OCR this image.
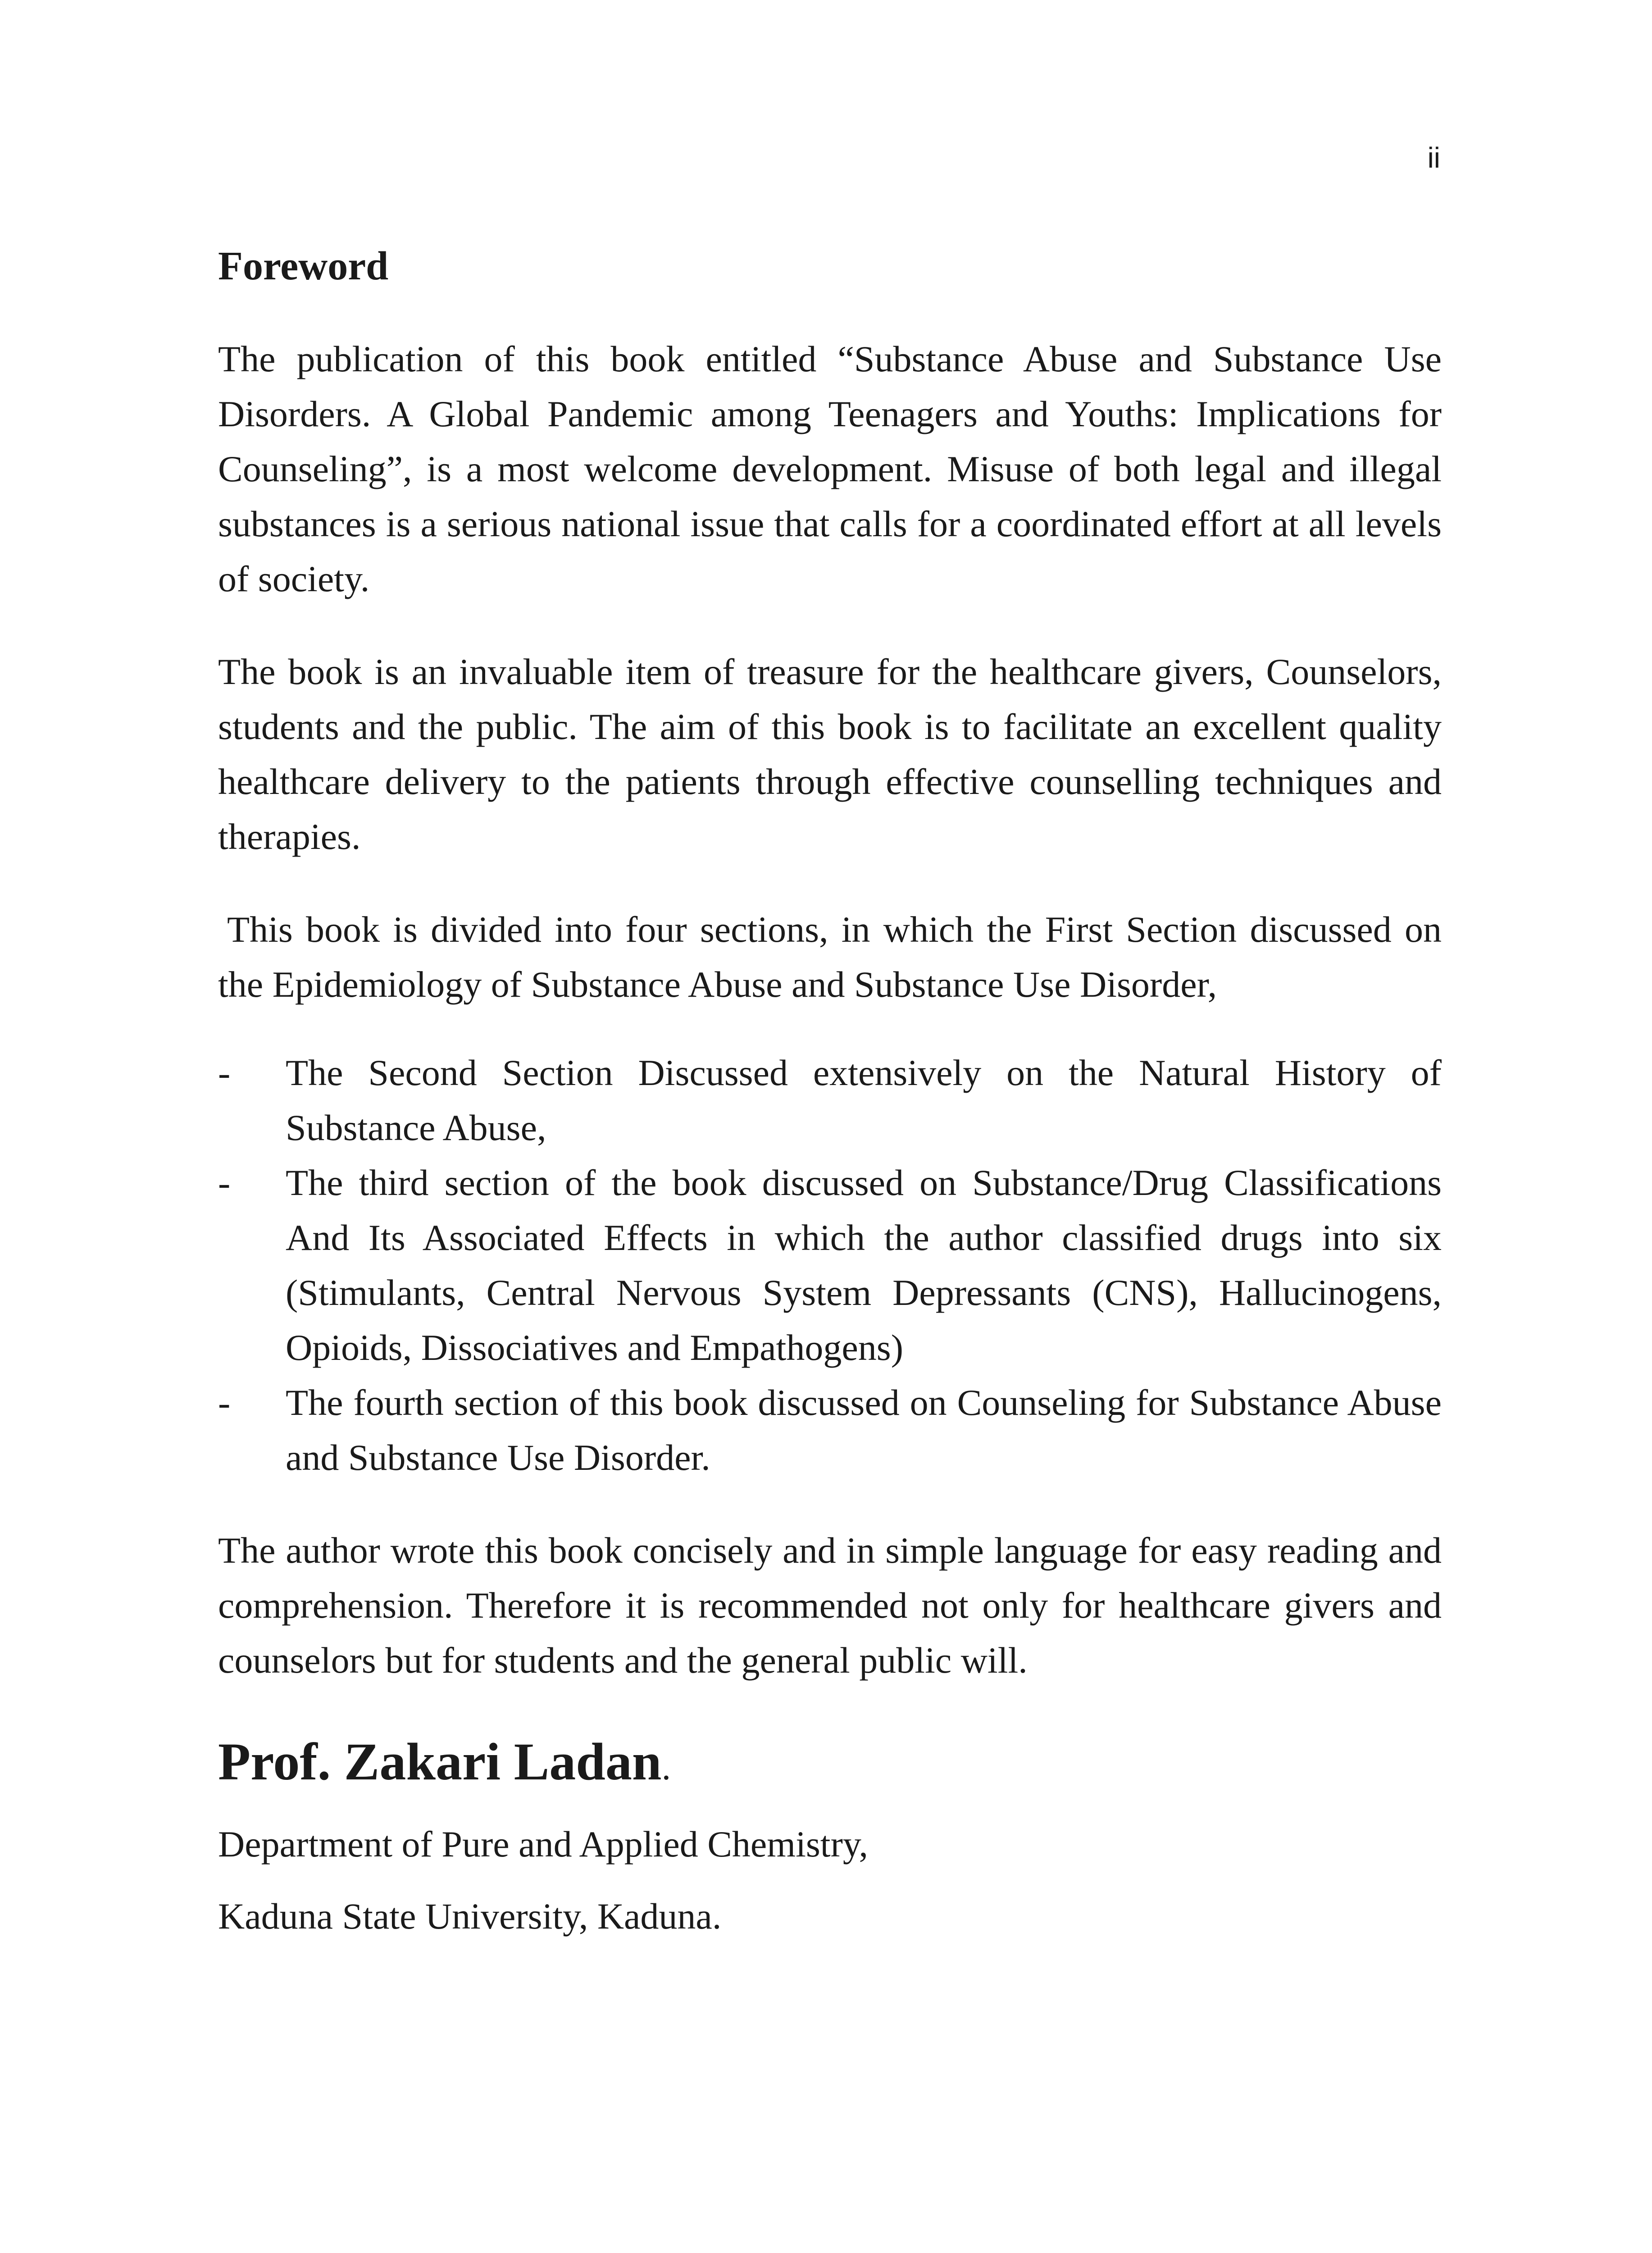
ii
Foreword

The publication of this book entitled “Substance Abuse and Substance Use Disorders. A Global Pandemic among Teenagers and Youths: Implications for Counseling”, is a most welcome development. Misuse of both legal and illegal substances is a serious national issue that calls for a coordinated effort at all levels of society.

The book is an invaluable item of treasure for the healthcare givers, Counselors, students and the public. The aim of this book is to facilitate an excellent quality healthcare delivery to the patients through effective counselling techniques and therapies.

This book is divided into four sections, in which the First Section discussed on the Epidemiology of Substance Abuse and Substance Use Disorder,

-	The Second Section Discussed extensively on the Natural History of Substance Abuse,
-	The third section of the book discussed on Substance/Drug Classifications And Its Associated Effects in which the author classified drugs into six (Stimulants, Central Nervous System Depressants (CNS), Hallucinogens, Opioids, Dissociatives and Empathogens)
-	The fourth section of this book discussed on Counseling for Substance Abuse and Substance Use Disorder.

The author wrote this book concisely and in simple language for easy reading and comprehension. Therefore it is recommended not only for healthcare givers and counselors but for students and the general public will.

Prof. Zakari Ladan.
Department of Pure and Applied Chemistry,
Kaduna State University, Kaduna.
